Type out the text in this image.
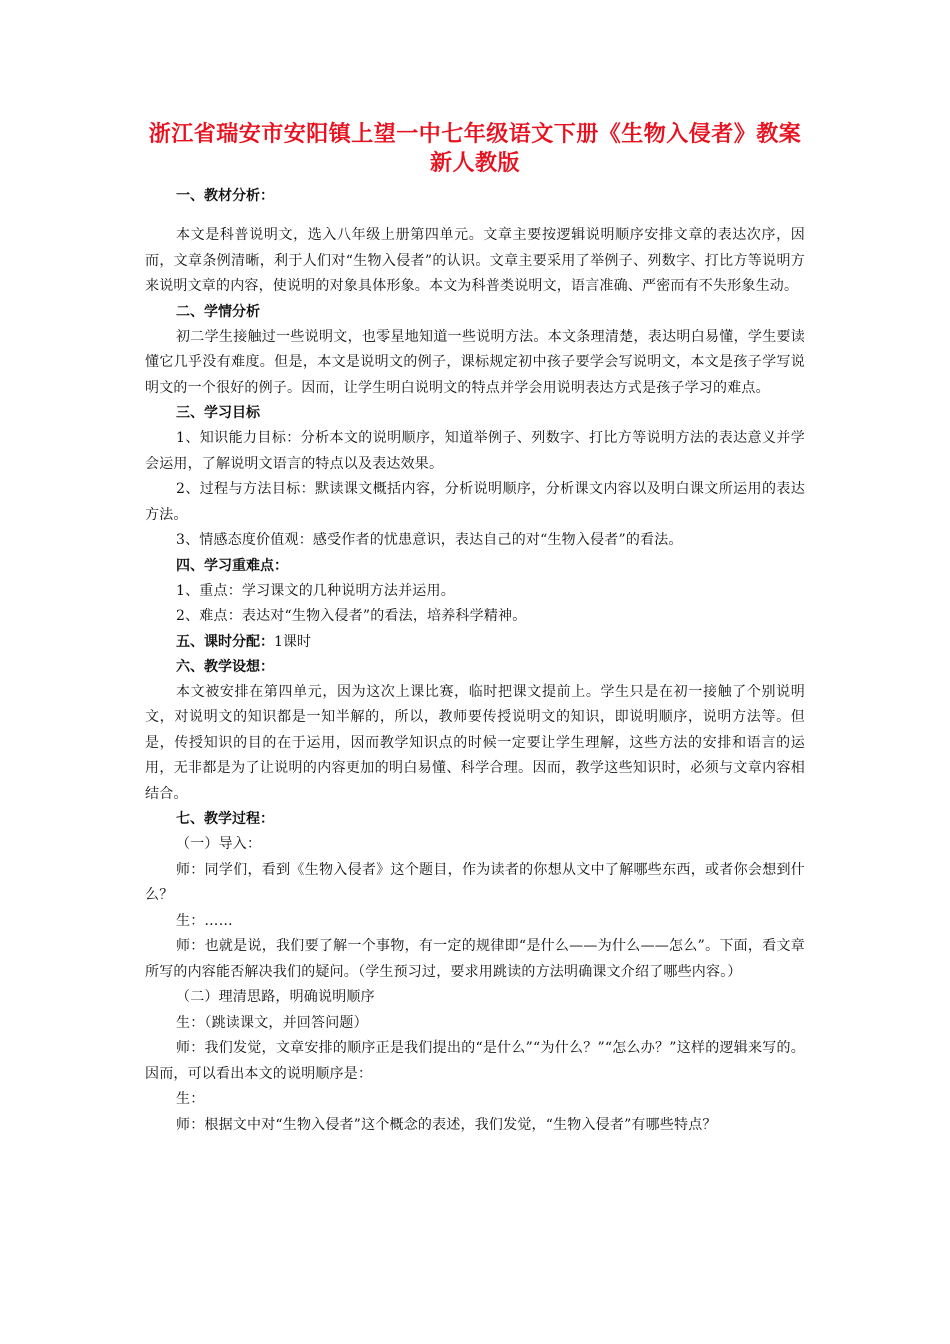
浙江省瑞安市安阳镇上望一中七年级语文下册《生物入侵者》教案 新人教版
一、教材分析：

本文是科普说明文，选入八年级上册第四单元。文章主要按逻辑说明顺序安排文章的表达次序，因而，文章条例清晰，利于人们对“生物入侵者”的认识。文章主要采用了举例子、列数字、打比方等说明方来说明文章的内容，使说明的对象具体形象。本文为科普类说明文，语言准确、严密而有不失形象生动。

二、学情分析

初二学生接触过一些说明文，也零星地知道一些说明方法。本文条理清楚，表达明白易懂，学生要读懂它几乎没有难度。但是，本文是说明文的例子，课标规定初中孩子要学会写说明文，本文是孩子学写说明文的一个很好的例子。因而，让学生明白说明文的特点并学会用说明表达方式是孩子学习的难点。

三、学习目标

1、知识能力目标：分析本文的说明顺序，知道举例子、列数字、打比方等说明方法的表达意义并学会运用，了解说明文语言的特点以及表达效果。

2、过程与方法目标：默读课文概括内容，分析说明顺序，分析课文内容以及明白课文所运用的表达方法。

3、情感态度价值观：感受作者的忧患意识，表达自己的对“生物入侵者”的看法。

四、学习重难点：

1、重点：学习课文的几种说明方法并运用。

2、难点：表达对“生物入侵者”的看法，培养科学精神。

五、课时分配：1课时
六、教学设想：

本文被安排在第四单元，因为这次上课比赛，临时把课文提前上。学生只是在初一接触了个别说明文，对说明文的知识都是一知半解的，所以，教师要传授说明文的知识，即说明顺序，说明方法等。但是，传授知识的目的在于运用，因而教学知识点的时候一定要让学生理解，这些方法的安排和语言的运用，无非都是为了让说明的内容更加的明白易懂、科学合理。因而，教学这些知识时，必须与文章内容相结合。

七、教学过程：

（一）导入：

师：同学们，看到《生物入侵者》这个题目，作为读者的你想从文中了解哪些东西，或者你会想到什么？

生：……

师：也就是说，我们要了解一个事物，有一定的规律即“是什么——为什么——怎么”。下面，看文章所写的内容能否解决我们的疑问。（学生预习过，要求用跳读的方法明确课文介绍了哪些内容。）

（二）理清思路，明确说明顺序

生：（跳读课文，并回答问题）

师：我们发觉，文章安排的顺序正是我们提出的“是什么”“为什么？”“怎么办？”这样的逻辑来写的。因而，可以看出本文的说明顺序是：

生：

师：根据文中对“生物入侵者”这个概念的表述，我们发觉，“生物入侵者”有哪些特点？
